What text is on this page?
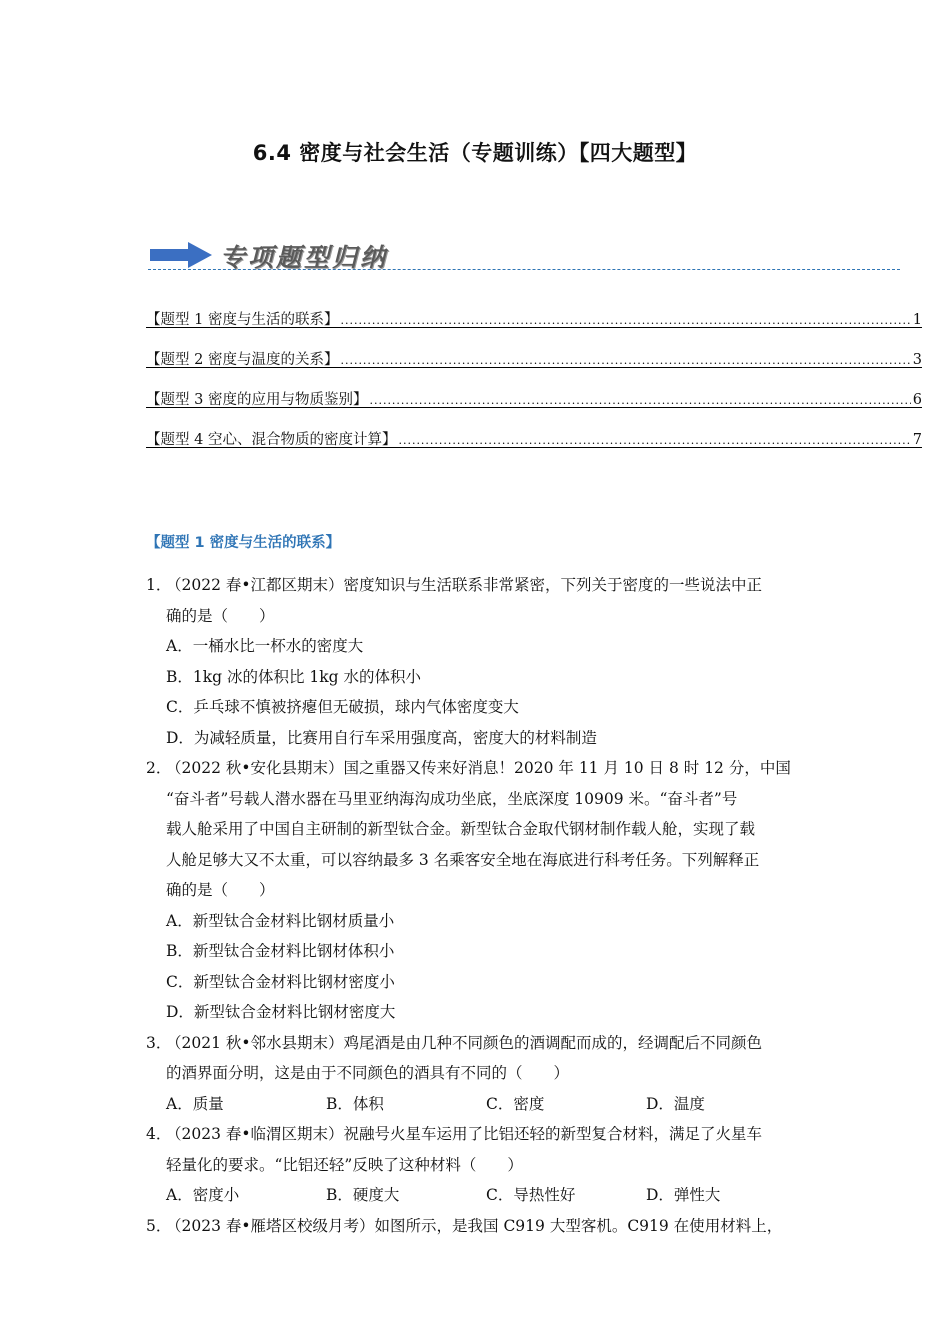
6.4 密度与社会生活（专题训练）【四大题型】
专项题型归纳
【题型 1 密度与生活的联系】 .....	1
【题型 2 密度与温度的关系】 .....	3
【题型 3 密度的应用与物质鉴别】 .....	6
【题型 4 空心、混合物质的密度计算】 .....	7
【题型 1 密度与生活的联系】
1．
（2022 春•江都区期末）密度知识与生活联系非常紧密，下列关于密度的一些说法中正
确的是（　　）
A．一桶水比一杯水的密度大
B．1kg 冰的体积比 1kg 水的体积小
C．乒乓球不慎被挤瘪但无破损，球内气体密度变大
D．为减轻质量，比赛用自行车采用强度高，密度大的材料制造
2．
（2022 秋•安化县期末）国之重器又传来好消息！2020 年 11 月 10 日 8 时 12 分，中国
“奋斗者”号载人潜水器在马里亚纳海沟成功坐底，坐底深度 10909 米。“奋斗者”号
载人舱采用了中国自主研制的新型钛合金。新型钛合金取代钢材制作载人舱，实现了载
人舱足够大又不太重，可以容纳最多 3 名乘客安全地在海底进行科考任务。下列解释正
确的是（　　）
A．新型钛合金材料比钢材质量小
B．新型钛合金材料比钢材体积小
C．新型钛合金材料比钢材密度小
D．新型钛合金材料比钢材密度大
3．
（2021 秋•邻水县期末）鸡尾酒是由几种不同颜色的酒调配而成的，经调配后不同颜色
的酒界面分明，这是由于不同颜色的酒具有不同的（　　）
A．质量	B．体积	C．密度	D．温度
4．
（2023 春•临渭区期末）祝融号火星车运用了比铝还轻的新型复合材料，满足了火星车
轻量化的要求。“比铝还轻”反映了这种材料（　　）
A．密度小	B．硬度大	C．导热性好	D．弹性大
5．
（2023 春•雁塔区校级月考）如图所示，是我国 C919 大型客机。C919 在使用材料上，
